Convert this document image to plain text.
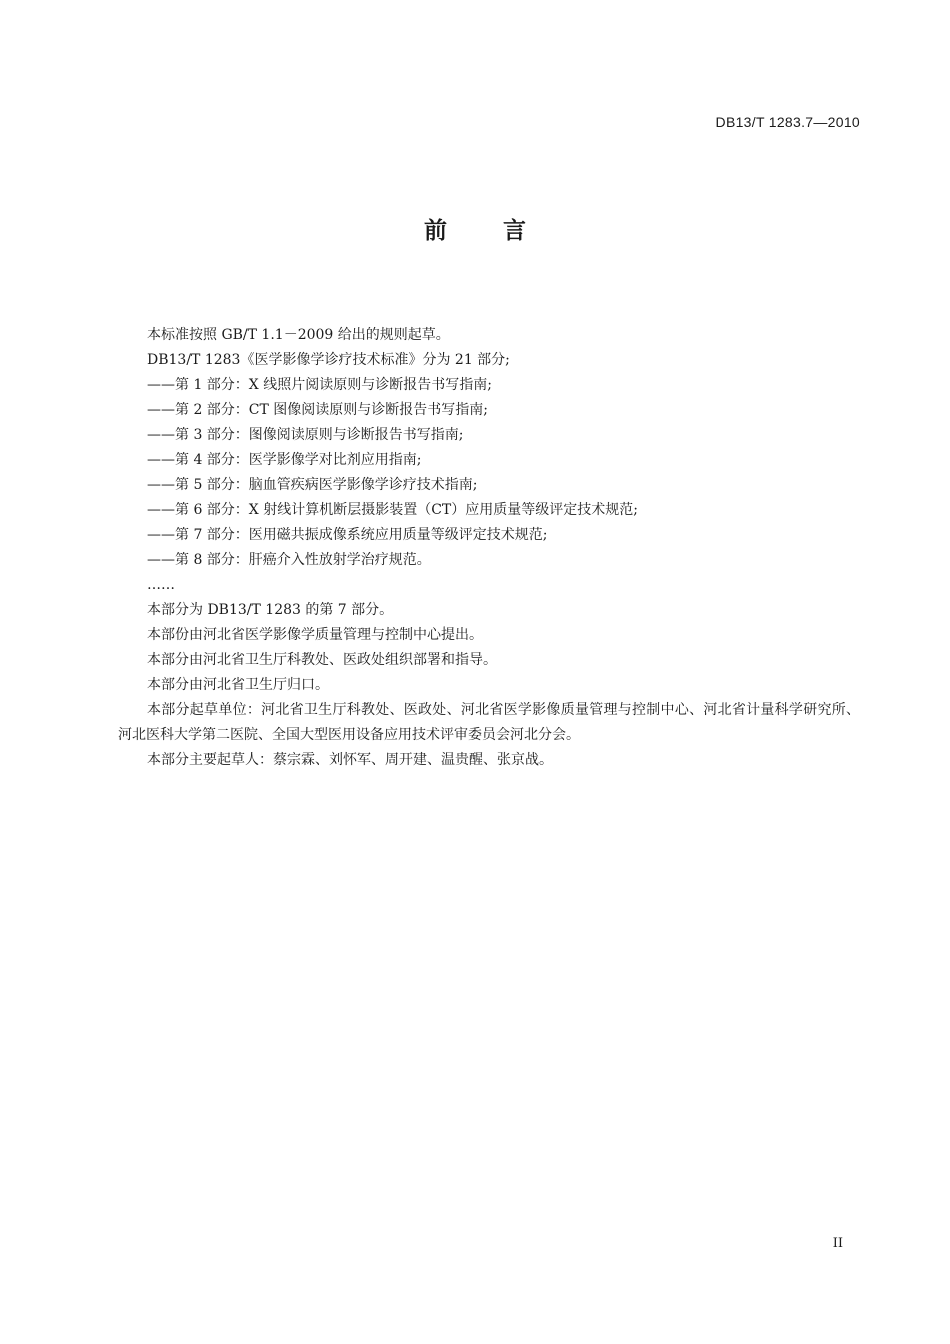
DB13/T 1283.7—2010
前言

本标准按照 GB/T 1.1－2009 给出的规则起草。

DB13/T 1283《医学影像学诊疗技术标准》分为 21 部分;

——第 1 部分：X 线照片阅读原则与诊断报告书写指南;

——第 2 部分：CT 图像阅读原则与诊断报告书写指南;

——第 3 部分：图像阅读原则与诊断报告书写指南;

——第 4 部分：医学影像学对比剂应用指南;

——第 5 部分：脑血管疾病医学影像学诊疗技术指南;

——第 6 部分：X 射线计算机断层摄影装置（CT）应用质量等级评定技术规范;

——第 7 部分：医用磁共振成像系统应用质量等级评定技术规范;

——第 8 部分：肝癌介入性放射学治疗规范。

……

本部分为 DB13/T 1283 的第 7 部分。

本部份由河北省医学影像学质量管理与控制中心提出。

本部分由河北省卫生厅科教处、医政处组织部署和指导。

本部分由河北省卫生厅归口。

本部分起草单位：河北省卫生厅科教处、医政处、河北省医学影像质量管理与控制中心、河北省计量科学研究所、河北医科大学第二医院、全国大型医用设备应用技术评审委员会河北分会。

本部分主要起草人：蔡宗霖、刘怀军、周开建、温贵醒、张京战。

II
